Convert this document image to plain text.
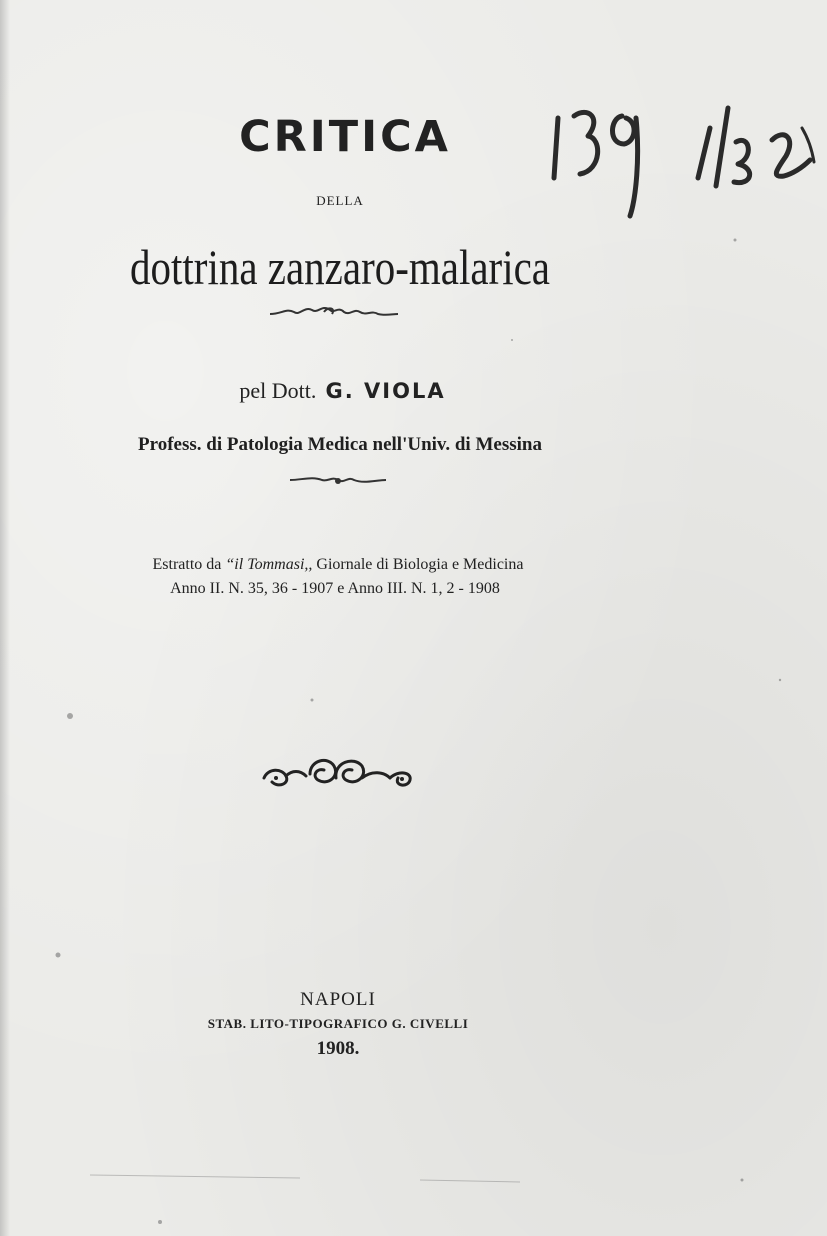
CRITICA
DELLA
dottrina zanzaro-malarica
pel Dott. G. VIOLA
Profess. di Patologia Medica nell'Univ. di Messina
Estratto da “il Tommasi,, Giornale di Biologia e Medicina
Anno II. N. 35, 36 - 1907 e Anno III. N. 1, 2 - 1908
NAPOLI
STAB. LITO-TIPOGRAFICO G. CIVELLI
1908.
